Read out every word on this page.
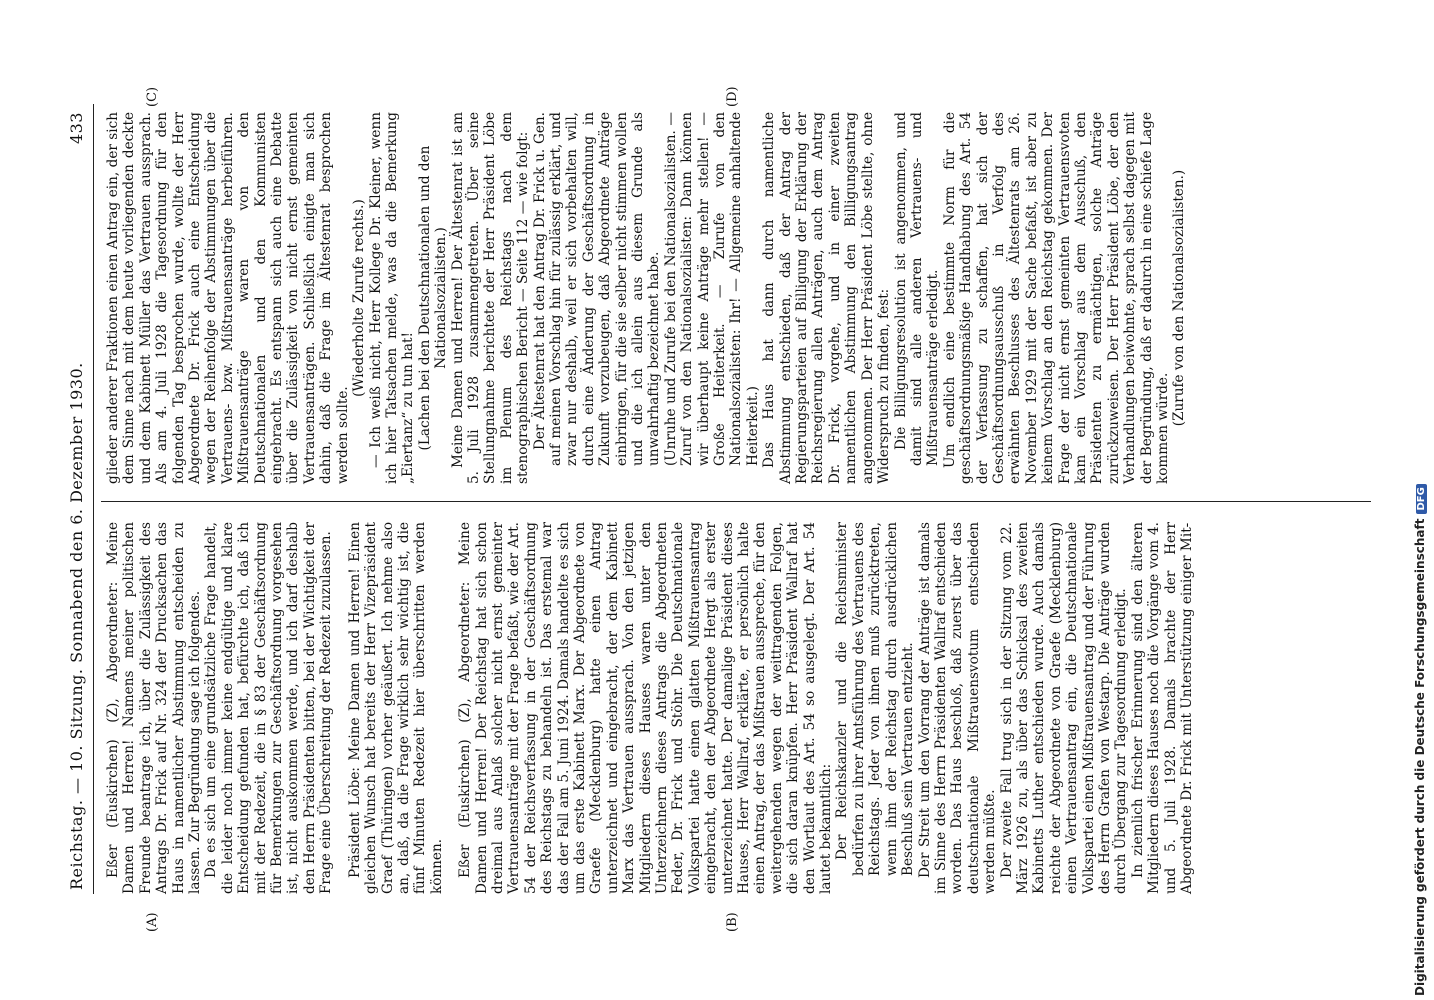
Reichstag. — 10. Sitzung. Sonnabend den 6. Dezember 1930.
433
(A)	(B)
(C)	(D)

Eßer (Euskirchen) (Z), Abgeordneter: Meine Damen und Herren! Namens meiner politischen Freunde beantrage ich, über die Zulässigkeit des Antrags Dr. Frick auf Nr. 324 der Drucksachen das Haus in namentlicher Abstimmung entscheiden zu lassen. Zur Begründung sage ich folgendes. Da es sich um eine grundsätzliche Frage handelt, die leider noch immer keine endgültige und klare Entscheidung gefunden hat, befürchte ich, daß ich mit der Redezeit, die in § 83 der Geschäftsordnung für Bemerkungen zur Geschäftsordnung vorgesehen ist, nicht auskommen werde, und ich darf deshalb den Herrn Präsidenten bitten, bei der Wichtigkeit der Frage eine Überschreitung der Redezeit zuzulassen. Präsident Löbe: Meine Damen und Herren! Einen gleichen Wunsch hat bereits der Herr Vizepräsident Graef (Thüringen) vorher geäußert. Ich nehme also an, daß, da die Frage wirklich sehr wichtig ist, die fünf Minuten Redezeit hier überschritten werden können. Eßer (Euskirchen) (Z), Abgeordneter: Meine Damen und Herren! Der Reichstag hat sich schon dreimal aus Anlaß solcher nicht ernst gemeinter Vertrauensanträge mit der Frage befaßt, wie der Art. 54 der Reichsverfassung in der Geschäftsordnung des Reichstags zu behandeln ist. Das erstemal war das der Fall am 5. Juni 1924. Damals handelte es sich um das erste Kabinett Marx. Der Abgeordnete von Graefe (Mecklenburg) hatte einen Antrag unterzeichnet und eingebracht, der dem Kabinett Marx das Vertrauen aussprach. Von den jetzigen Mitgliedern dieses Hauses waren unter den Unterzeichnern dieses Antrags die Abgeordneten Feder, Dr. Frick und Stöhr. Die Deutschnationale Volkspartei hatte einen glatten Mißtrauensantrag eingebracht, den der Abgeordnete Hergt als erster unterzeichnet hatte. Der damalige Präsident dieses Hauses, Herr Wallraf, erklärte, er persönlich halte einen Antrag, der das Mißtrauen ausspreche, für den weitergehenden wegen der weittragenden Folgen, die sich daran knüpfen. Herr Präsident Wallraf hat den Wortlaut des Art. 54 so ausgelegt. Der Art. 54 lautet bekanntlich: Der Reichskanzler und die Reichsminister bedürfen zu ihrer Amtsführung des Vertrauens des Reichstags. Jeder von ihnen muß zurücktreten, wenn ihm der Reichstag durch ausdrücklichen Beschluß sein Vertrauen entzieht. Der Streit um den Vorrang der Anträge ist damals im Sinne des Herrn Präsidenten Wallraf entschieden worden. Das Haus beschloß, daß zuerst über das deutschnationale Mißtrauensvotum entschieden werden müßte. Der zweite Fall trug sich in der Sitzung vom 22. März 1926 zu, als über das Schicksal des zweiten Kabinetts Luther entschieden wurde. Auch damals reichte der Abgeordnete von Graefe (Mecklenburg) einen Vertrauensantrag ein, die Deutschnationale Volkspartei einen Mißtrauensantrag und der Führung des Herrn Grafen von Westarp. Die Anträge wurden durch Übergang zur Tagesordnung erledigt. In ziemlich frischer Erinnerung sind den älteren Mitgliedern dieses Hauses noch die Vorgänge vom 4. und 5. Juli 1928. Damals brachte der Herr Abgeordnete Dr. Frick mit Unterstützung einiger Mit-

glieder anderer Fraktionen einen Antrag ein, der sich dem Sinne nach mit dem heute vorliegenden deckte und dem Kabinett Müller das Vertrauen aussprach. Als am 4. Juli 1928 die Tagesordnung für den folgenden Tag besprochen wurde, wollte der Herr Abgeordnete Dr. Frick auch eine Entscheidung wegen der Reihenfolge der Abstimmungen über die Vertrauens- bzw. Mißtrauensanträge herbeiführen. Mißtrauensanträge waren von den Deutschnationalen und den Kommunisten eingebracht. Es entspann sich auch eine Debatte über die Zulässigkeit von nicht ernst gemeinten Vertrauensanträgen. Schließlich einigte man sich dahin, daß die Frage im Ältestenrat besprochen werden sollte.

(Wiederholte Zurufe rechts.) — Ich weiß nicht, Herr Kollege Dr. Kleiner, wenn ich hier Tatsachen melde, was da die Bemerkung „Eiertanz“ zu tun hat! (Lachen bei den Deutschnationalen und den Nationalsozialisten.) Meine Damen und Herren! Der Ältestenrat ist am 5. Juli 1928 zusammengetreten. Über seine Stellungnahme berichtete der Herr Präsident Löbe im Plenum des Reichstags nach dem stenographischen Bericht — Seite 112 — wie folgt: Der Ältestenrat hat den Antrag Dr. Frick u. Gen. auf meinen Vorschlag hin für zulässig erklärt, und zwar nur deshalb, weil er sich vorbehalten will, durch eine Änderung der Geschäftsordnung in Zukunft vorzubeugen, daß Abgeordnete Anträge einbringen, für die sie selber nicht stimmen wollen und die ich allein aus diesem Grunde als unwahrhaftig bezeichnet habe. (Unruhe und Zurufe bei den Nationalsozialisten. — Zuruf von den Nationalsozialisten: Dann können wir überhaupt keine Anträge mehr stellen! — Große Heiterkeit. — Zurufe von den Nationalsozialisten: Ihr! — Allgemeine anhaltende Heiterkeit.) Das Haus hat dann durch namentliche Abstimmung entschieden, daß der Antrag der Regierungsparteien auf Billigung der Erklärung der Reichsregierung allen Anträgen, auch dem Antrag Dr. Frick, vorgehe, und in einer zweiten namentlichen Abstimmung den Billigungsantrag angenommen. Der Herr Präsident Löbe stellte, ohne Widerspruch zu finden, fest: Die Billigungsresolution ist angenommen, und damit sind alle anderen Vertrauens- und Mißtrauensanträge erledigt. Um endlich eine bestimmte Norm für die geschäftsordnungsmäßige Handhabung des Art. 54 der Verfassung zu schaffen, hat sich der Geschäftsordnungsausschuß in Verfolg des erwähnten Beschlusses des Ältestenrats am 26. November 1929 mit der Sache befaßt, ist aber zu keinem Vorschlag an den Reichstag gekommen. Der Frage der nicht ernst gemeinten Vertrauensvoten kam ein Vorschlag aus dem Ausschuß, den Präsidenten zu ermächtigen, solche Anträge zurückzuweisen. Der Herr Präsident Löbe, der den Verhandlungen beiwohnte, sprach selbst dagegen mit der Begründung, daß er dadurch in eine schiefe Lage kommen würde.

(Zurufe von den Nationalsozialisten.)

Digitalisierung gefördert durch die Deutsche ForschungsgemeinschaftDFG
